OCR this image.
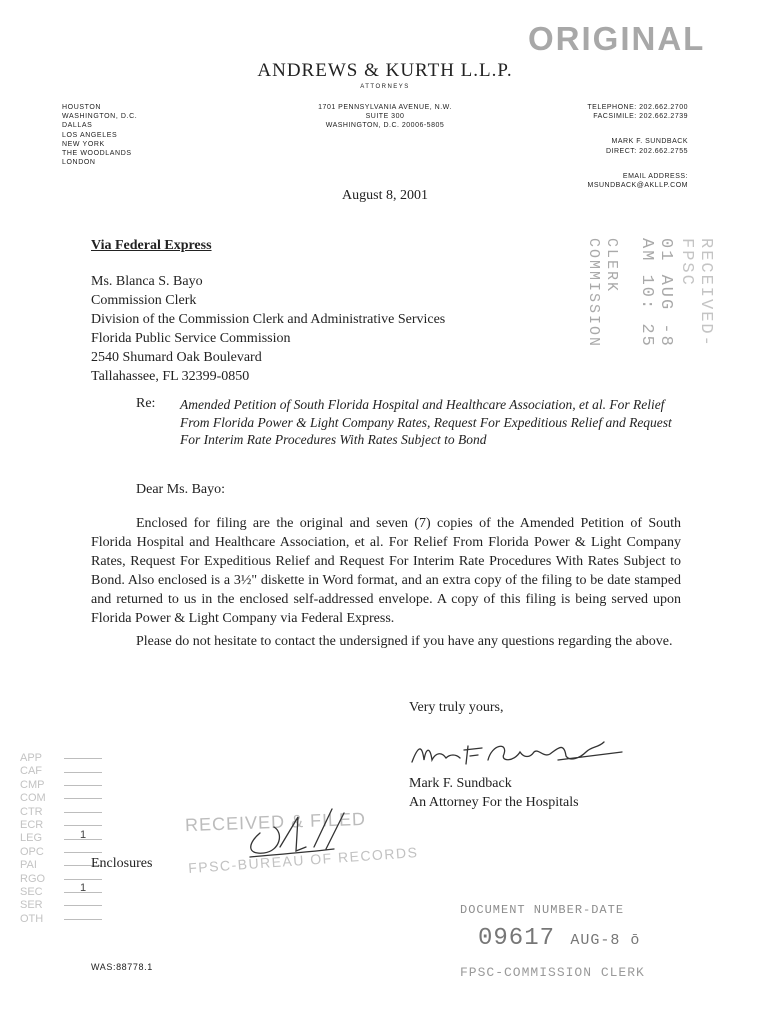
ORIGINAL
ANDREWS & KURTH L.L.P.
ATTORNEYS
HOUSTON
WASHINGTON, D.C.
DALLAS
LOS ANGELES
NEW YORK
THE WOODLANDS
LONDON
1701 PENNSYLVANIA AVENUE, N.W.
SUITE 300
WASHINGTON, D.C. 20006-5805
TELEPHONE: 202.662.2700
FACSIMILE: 202.662.2739
MARK F. SUNDBACK
DIRECT: 202.662.2755
EMAIL ADDRESS:
MSUNDBACK@AKLLP.COM
August 8, 2001
Via Federal Express
Ms. Blanca S. Bayo
Commission Clerk
Division of the Commission Clerk and Administrative Services
Florida Public Service Commission
2540 Shumard Oak Boulevard
Tallahassee, FL 32399-0850
COMMISSION CLERK	01 AUG -8 AM 10: 25	RECEIVED-FPSC
Re: Amended Petition of South Florida Hospital and Healthcare Association, et al. For Relief From Florida Power & Light Company Rates, Request For Expeditious Relief and Request For Interim Rate Procedures With Rates Subject to Bond
Dear Ms. Bayo:
Enclosed for filing are the original and seven (7) copies of the Amended Petition of South Florida Hospital and Healthcare Association, et al. For Relief From Florida Power & Light Company Rates, Request For Expeditious Relief and Request For Interim Rate Procedures With Rates Subject to Bond. Also enclosed is a 3½" diskette in Word format, and an extra copy of the filing to be date stamped and returned to us in the enclosed self-addressed envelope. A copy of this filing is being served upon Florida Power & Light Company via Federal Express.
Please do not hesitate to contact the undersigned if you have any questions regarding the above.
Very truly yours,
Mark F. Sundback
An Attorney For the Hospitals
APP
CAF
CMP
COM
CTR
ECR
LEG	1
OPC
PAI
RGO
SEC	1
SER
OTH
Enclosures
RECEIVED & FILED
FPSC-BUREAU OF RECORDS
DOCUMENT NUMBER-DATE
09617 AUG-8 ō
FPSC-COMMISSION CLERK
WAS:88778.1
